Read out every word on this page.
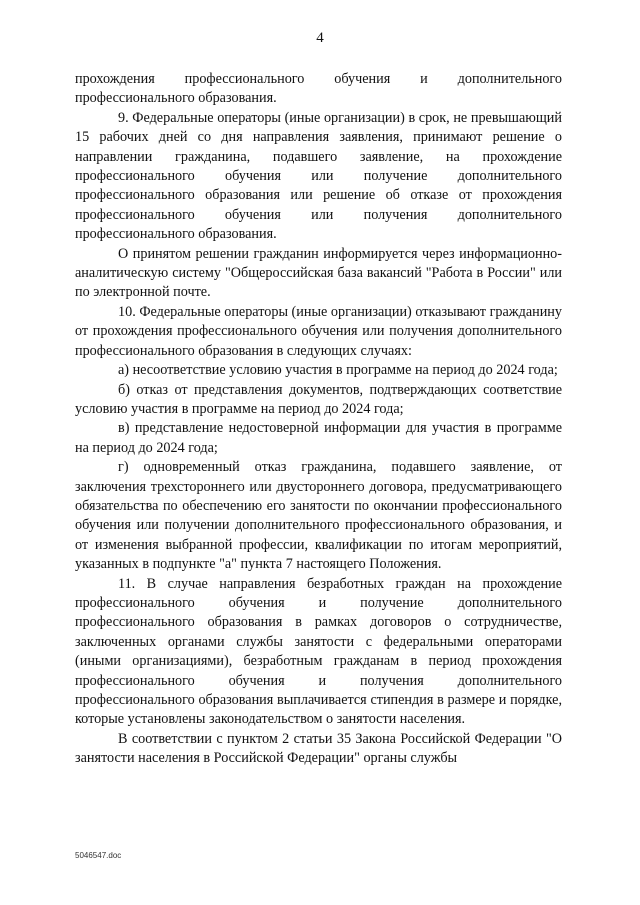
4

прохождения профессионального обучения и дополнительного профессионального образования.

9. Федеральные операторы (иные организации) в срок, не превышающий 15 рабочих дней со дня направления заявления, принимают решение о направлении гражданина, подавшего заявление, на прохождение профессионального обучения или получение дополнительного профессионального образования или решение об отказе от прохождения профессионального обучения или получения дополнительного профессионального образования.

О принятом решении гражданин информируется через информационно-аналитическую систему "Общероссийская база вакансий "Работа в России" или по электронной почте.

10. Федеральные операторы (иные организации) отказывают гражданину от прохождения профессионального обучения или получения дополнительного профессионального образования в следующих случаях:

а) несоответствие условию участия в программе на период до 2024 года;

б) отказ от представления документов, подтверждающих соответствие условию участия в программе на период до 2024 года;

в) представление недостоверной информации для участия в программе на период до 2024 года;

г) одновременный отказ гражданина, подавшего заявление, от заключения трехстороннего или двустороннего договора, предусматривающего обязательства по обеспечению его занятости по окончании профессионального обучения или получении дополнительного профессионального образования, и от изменения выбранной профессии, квалификации по итогам мероприятий, указанных в подпункте "а" пункта 7 настоящего Положения.

11. В случае направления безработных граждан на прохождение профессионального обучения и получение дополнительного профессионального образования в рамках договоров о сотрудничестве, заключенных органами службы занятости с федеральными операторами (иными организациями), безработным гражданам в период прохождения профессионального обучения и получения дополнительного профессионального образования выплачивается стипендия в размере и порядке, которые установлены законодательством о занятости населения.

В соответствии с пунктом 2 статьи 35 Закона Российской Федерации "О занятости населения в Российской Федерации" органы службы

5046547.doc
